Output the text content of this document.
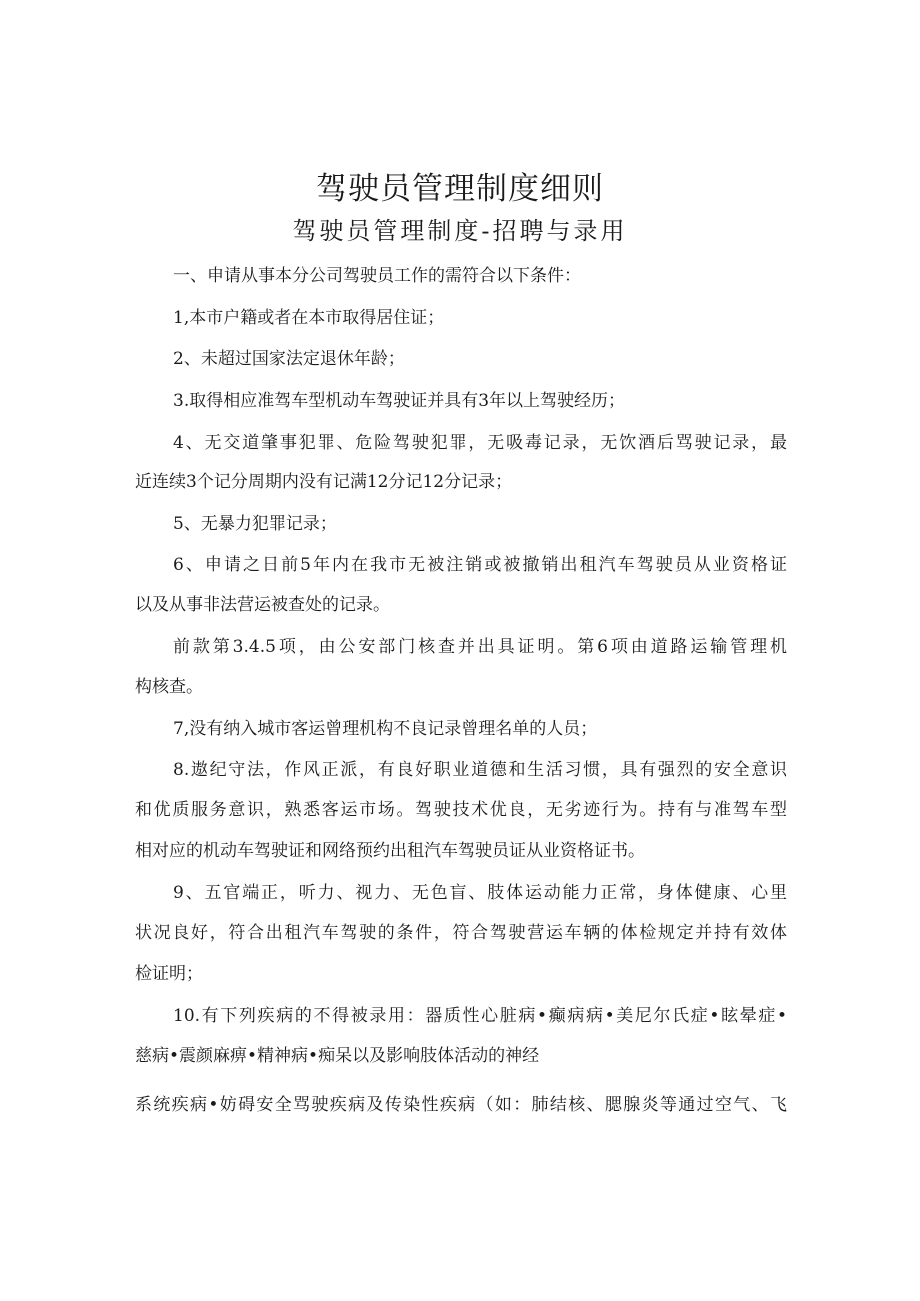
驾驶员管理制度细则
驾驶员管理制度-招聘与录用
一、申请从事本分公司驾驶员工作的需符合以下条件：
1,本市户籍或者在本市取得居住证；
2、未超过国家法定退休年龄；
3.取得相应准驾车型机动车驾驶证并具有3年以上驾驶经历；
4、无交道肇事犯罪、危险驾驶犯罪，无吸毒记录，无饮酒后骂驶记录，最
近连续3个记分周期内没有记满12分记12分记录；
5、无暴力犯罪记录；
6、申请之日前5年内在我市无被注销或被撤销出租汽车驾驶员从业资格证
以及从事非法营运被查处的记录。
前款第3.4.5项，由公安部门核查并出具证明。第6项由道路运输管理机
构核查。
7,没有纳入城市客运曾理机构不良记录曾理名单的人员；
8.遨纪守法，作风正派，有良好职业道德和生活习惯，具有强烈的安全意识
和优质服务意识，熟悉客运市场。驾驶技术优良，无劣迹行为。持有与准驾车型
相对应的机动车驾驶证和网络预约出租汽车驾驶员证从业资格证书。
9、五官端正，听力、视力、无色盲、肢体运动能力正常，身体健康、心里
状况良好，符合出租汽车驾驶的条件，符合驾驶营运车辆的体检规定并持有效体
检证明；
10.有下列疾病的不得被录用：器质性心脏病•癫病病•美尼尔氏症•眩晕症•
慈病•震颜麻痹•精神病•痴呆以及影响肢体活动的神经
系统疾病•妨碍安全骂驶疾病及传染性疾病（如：肺结核、腮腺炎等通过空气、飞
